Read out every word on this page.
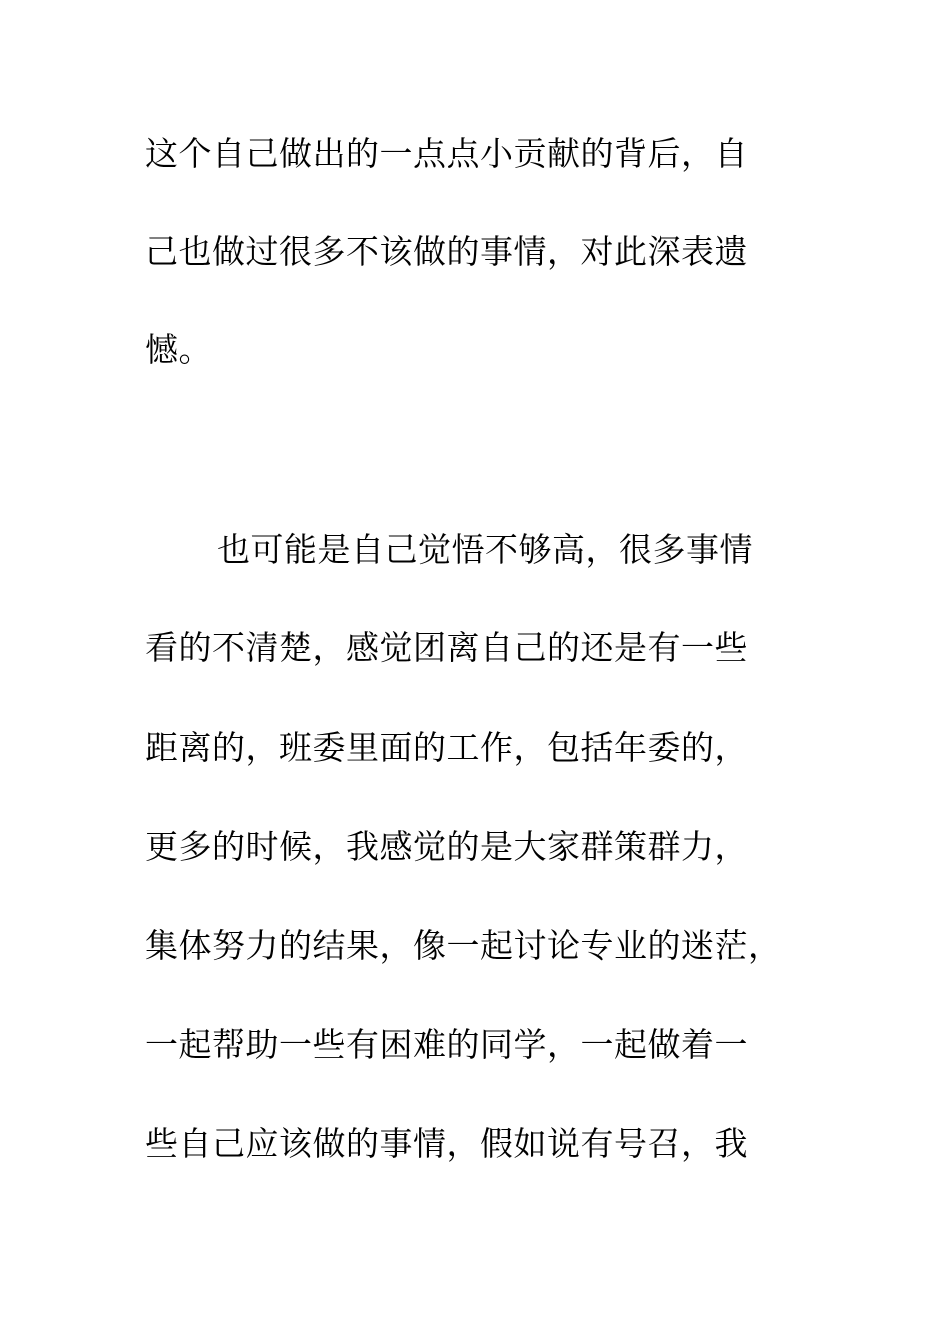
这个自己做出的一点点小贡献的背后，自
己也做过很多不该做的事情，对此深表遗
憾。
也可能是自己觉悟不够高，很多事情
看的不清楚，感觉团离自己的还是有一些
距离的，班委里面的工作，包括年委的，
更多的时候，我感觉的是大家群策群力，
集体努力的结果，像一起讨论专业的迷茫，
一起帮助一些有困难的同学，一起做着一
些自己应该做的事情，假如说有号召，我
